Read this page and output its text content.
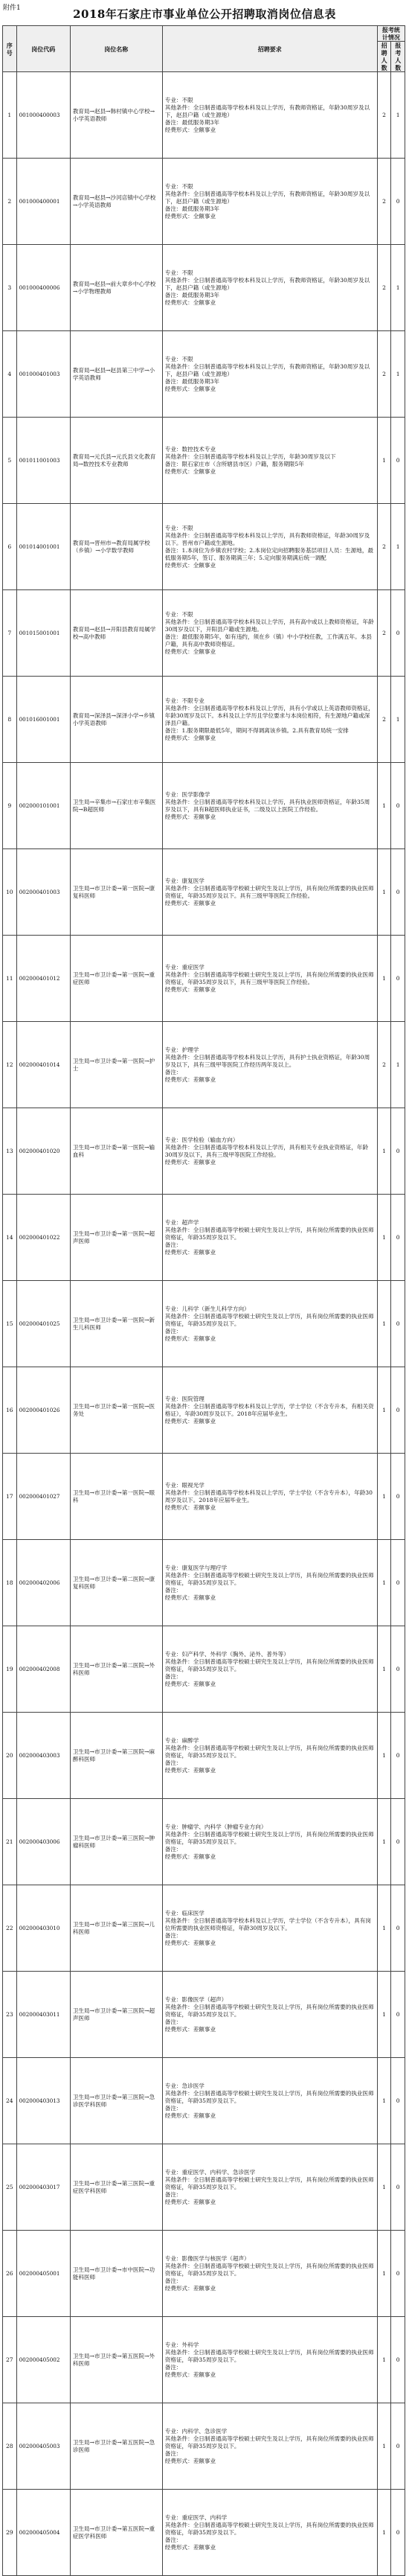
附件1	2018年石家庄市事业单位公开招聘取消岗位信息表
序号	岗位代码	岗位名称	招聘要求	报考统计情况	
				招聘人数	报考人数
1	001000400003	教育局→赵县→韩村镇中心学校→小学英语教师	专业：不限
其他条件：全日制普通高等学校本科及以上学历，有教师资格证，年龄30周岁及以下，赵县户籍（或生源地）
备注：最低服务期3年
经费形式：全额事业	2	1
2	001000400001	教育局→赵县→沙河店镇中心学校→小学英语教师	专业：不限
其他条件：全日制普通高等学校本科及以上学历，有教师资格证，年龄30周岁及以下，赵县户籍（或生源地）
备注：最低服务期3年
经费形式：全额事业	2	0
3	001000400006	教育局→赵县→前大章乡中心学校→小学物理教师	专业：不限
其他条件：全日制普通高等学校本科及以上学历，有教师资格证，年龄30周岁及以下，赵县户籍（或生源地）
备注：最低服务期3年
经费形式：全额事业	2	1
4	001000401003	教育局→赵县→赵县第三中学→小学英语教师	专业：不限
其他条件：全日制普通高等学校本科及以上学历，有教师资格证，年龄30周岁及以下，赵县户籍（或生源地）
备注：最低服务期3年
经费形式：全额事业	2	1
5	001011001003	教育局→元氏县→元氏县文化教育局→数控技术专业教师	专业：数控技术专业
其他条件：全日制普通高等学校本科及以上学历，年龄30周岁及以下
备注：限石家庄市（含所辖县市区）户籍，服务期限5年
经费形式：全额事业	1	0
6	001014001001	教育局→晋州市→教育局属学校（乡镇）→小学数学教师	专业：不限
其他条件：全日制普通高等学校本科及以上学历，具有教师资格证，年龄30周岁及以下。晋州市户籍或生源地。
备注：1.本岗位为乡镇农村学校；2.本岗位定向招聘服务基层项目人员：生源地，最低服务期5年，签订、服务期满三年；5.定向服务期满后统一调配
经费形式：全额事业	2	1
7	001015001001	教育局→赵县→开阳县教育局属学校→高中教师	专业：不限
其他条件：全日制普通高等学校本科及以上学历，具有高中或以上教师资格证，年龄30周岁及以下，开阳县户籍或生源地。
备注：最低服务期5年，如有违约，须在乡（镇）中小学校任教，工作满五年。本县户籍，具有高中教师资格证。
经费形式：全额事业	2	0
8	001016001001	教育局→深泽县→深泽小学→乡镇小学英语教师	专业：不限专业
其他条件：全日制普通高等学校本科及以上学历，具有小学或以上英语教师资格证，年龄30周岁及以下。本科及以上学历且学位要求与本岗位相符，有生源地户籍或深泽县户籍。
备注：1.服务期限最低5年，期间不得调离该乡镇。2.具有教育局统一安排
经费形式：全额事业	2	1
9	002000101001	卫生局→辛集市→石家庄市辛集医院→B超医师	专业：医学影像学
其他条件：全日制普通高等学校本科及以上学历，具有执业医师资格证，年龄35周岁及以下，具有B超医师执业证书，二级及以上医院工作经验。
经费形式：差额事业	1	0
10	002000401003	卫生局→市卫计委→第一医院→康复科医师	专业：康复医学
其他条件：全日制普通高等学校硕士研究生及以上学历，具有岗位所需要的执业医师资格证，年龄35周岁及以下。具有三级甲等医院工作经验。
经费形式：差额事业	1	0
11	002000401012	卫生局→市卫计委→第一医院→重症医师	专业：重症医学
其他条件：全日制普通高等学校硕士研究生及以上学历，具有岗位所需要的执业医师资格证，年龄35周岁及以下，具有三级甲等医院工作经验。
经费形式：差额事业	1	0
12	002000401014	卫生局→市卫计委→第一医院→护士	专业：护理学
其他条件：全日制普通高等学校本科及以上学历，具有护士执业资格证，年龄30周岁及以下，具有三级甲等医院工作经历两年及以上。
备注：
经费形式：差额事业	2	1
13	002000401020	卫生局→市卫计委→第一医院→输血科	专业：医学检验（输血方向）
其他条件：全日制普通高等学校本科及以上学历，具有相关专业执业资格证，年龄30周岁及以下，具有三级甲等医院工作经验。
经费形式：差额事业	1	0
14	002000401022	卫生局→市卫计委→第一医院→超声医师	专业：超声学
其他条件：全日制普通高等学校硕士研究生及以上学历，具有岗位所需要的执业医师资格证，年龄35周岁及以下。
备注：
经费形式：差额事业	1	0
15	002000401025	卫生局→市卫计委→第一医院→新生儿科医师	专业：儿科学（新生儿科学方向）
其他条件：全日制普通高等学校硕士研究生及以上学历，具有岗位所需要的执业医师资格证，年龄35周岁及以下。
备注：
经费形式：差额事业	1	0
16	002000401026	卫生局→市卫计委→第一医院→医务处	专业：医院管理
其他条件：全日制普通高等学校本科及以上学历，学士学位（不含专升本，有相关资格证），年龄30周岁及以下。2018年应届毕业生。
经费形式：差额事业	1	0
17	002000401027	卫生局→市卫计委→第一医院→眼科	专业：眼视光学
其他条件：全日制普通高等学校本科及以上学历，学士学位（不含专升本），年龄30周岁及以下。2018年应届毕业生。
经费形式：差额事业	1	0
18	002000402006	卫生局→市卫计委→第二医院→康复科医师	专业：康复医学与理疗学
其他条件：全日制普通高等学校硕士研究生及以上学历，具有岗位所需要的执业医师资格证，年龄35周岁及以下。
备注：
经费形式：差额事业	1	0
19	002000402008	卫生局→市卫计委→第二医院→外科医师	专业：妇产科学、外科学（胸外、泌外、普外等）
其他条件：全日制普通高等学校硕士研究生及以上学历，具有岗位所需要的执业医师资格证，年龄35周岁及以下。
备注：
经费形式：差额事业	1	0
20	002000403003	卫生局→市卫计委→第三医院→麻醉科医师	专业：麻醉学
其他条件：全日制普通高等学校硕士研究生及以上学历，具有岗位所需要的执业医师资格证，年龄35周岁及以下。
备注：
经费形式：差额事业	1	0
21	002000403006	卫生局→市卫计委→第三医院→肿瘤科医师	专业：肿瘤学、内科学（肿瘤专业方向）
其他条件：全日制普通高等学校硕士研究生及以上学历，具有岗位所需要的执业医师资格证，年龄35周岁及以下。
备注：
经费形式：差额事业	1	0
22	002000403010	卫生局→市卫计委→第三医院→儿科医师	专业：临床医学
其他条件：全日制普通高等学校本科及以上学历，学士学位（不含专升本），具有岗位所需要的执业医师资格证，年龄30周岁及以下。
备注：
经费形式：差额事业	1	0
23	002000403011	卫生局→市卫计委→第三医院→超声医师	专业：影像医学（超声）
其他条件：全日制普通高等学校硕士研究生及以上学历，具有岗位所需要的执业医师资格证，年龄35周岁及以下。
备注：
经费形式：差额事业	1	0
24	002000403013	卫生局→市卫计委→第三医院→急诊医学科医师	专业：急诊医学
其他条件：全日制普通高等学校硕士研究生及以上学历，具有岗位所需要的执业医师资格证，年龄35周岁及以下。
备注：
经费形式：差额事业	1	0
25	002000403017	卫生局→市卫计委→第三医院→重症医学科医师	专业：重症医学、内科学、急诊医学
其他条件：全日制普通高等学校硕士研究生及以上学历，具有岗位所需要的执业医师资格证，年龄35周岁及以下。
备注：
经费形式：差额事业	1	0
26	002000405001	卫生局→市卫计委→市中医院→功能科医师	专业：影像医学与核医学（超声）
其他条件：全日制普通高等学校硕士研究生及以上学历，具有岗位所需要的执业医师资格证，年龄35周岁及以下。
备注：
经费形式：差额事业	1	0
27	002000405002	卫生局→市卫计委→第五医院→外科医师	专业：外科学
其他条件：全日制普通高等学校硕士研究生及以上学历，具有岗位所需要的执业医师资格证，年龄35周岁及以下。
备注：
经费形式：差额事业	1	0
28	002000405003	卫生局→市卫计委→第五医院→急诊医师	专业：内科学、急诊医学
其他条件：全日制普通高等学校硕士研究生及以上学历，具有岗位所需要的执业医师资格证，年龄35周岁及以下。
备注：
经费形式：差额事业	1	0
29	002000405004	卫生局→市卫计委→第五医院→重症医学科医师	专业：重症医学、内科学
其他条件：全日制普通高等学校硕士研究生及以上学历，具有岗位所需要的执业医师资格证，年龄35周岁及以下。
备注：
经费形式：差额事业	1	0
